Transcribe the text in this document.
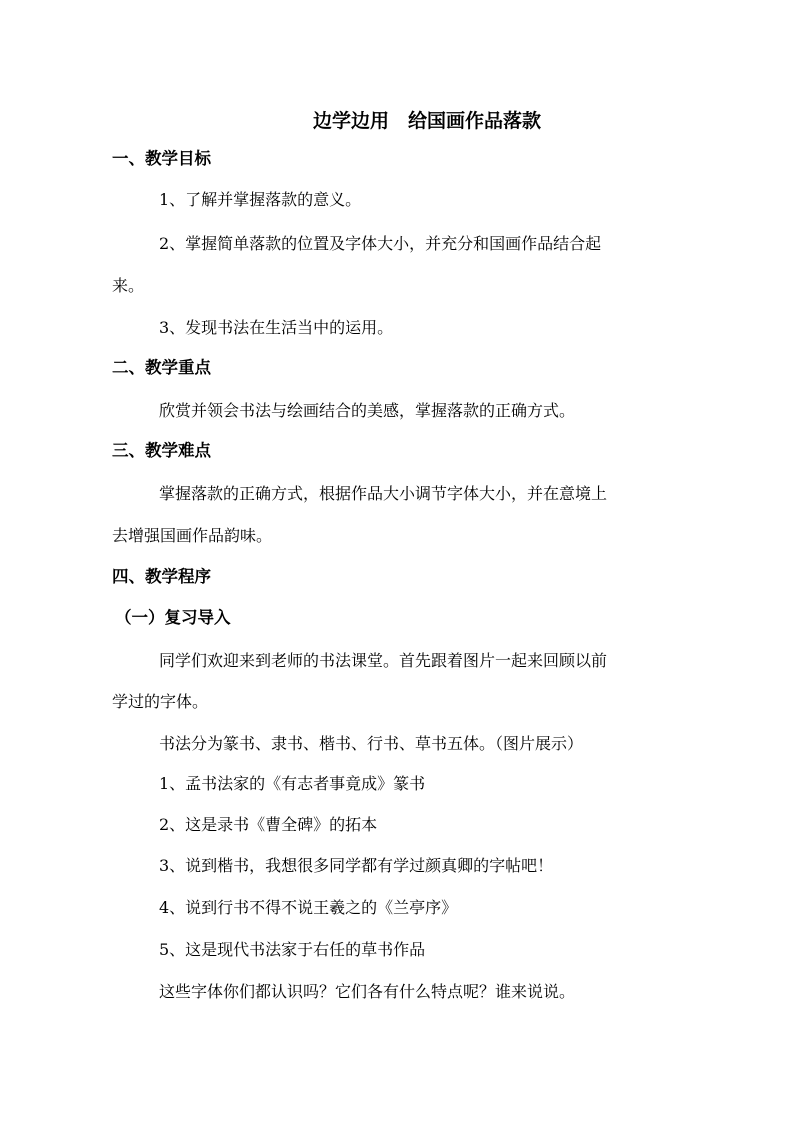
边学边用　给国画作品落款
一、教学目标
1、了解并掌握落款的意义。
2、掌握简单落款的位置及字体大小，并充分和国画作品结合起
来。
3、发现书法在生活当中的运用。
二、教学重点
欣赏并领会书法与绘画结合的美感，掌握落款的正确方式。
三、教学难点
掌握落款的正确方式，根据作品大小调节字体大小，并在意境上
去增强国画作品韵味。
四、教学程序
（一）复习导入
同学们欢迎来到老师的书法课堂。首先跟着图片一起来回顾以前
学过的字体。
书法分为篆书、隶书、楷书、行书、草书五体。（图片展示）
1、孟书法家的《有志者事竟成》篆书
2、这是录书《曹全碑》的拓本
3、说到楷书，我想很多同学都有学过颜真卿的字帖吧！
4、说到行书不得不说王羲之的《兰亭序》
5、这是现代书法家于右任的草书作品
这些字体你们都认识吗？它们各有什么特点呢？谁来说说。
